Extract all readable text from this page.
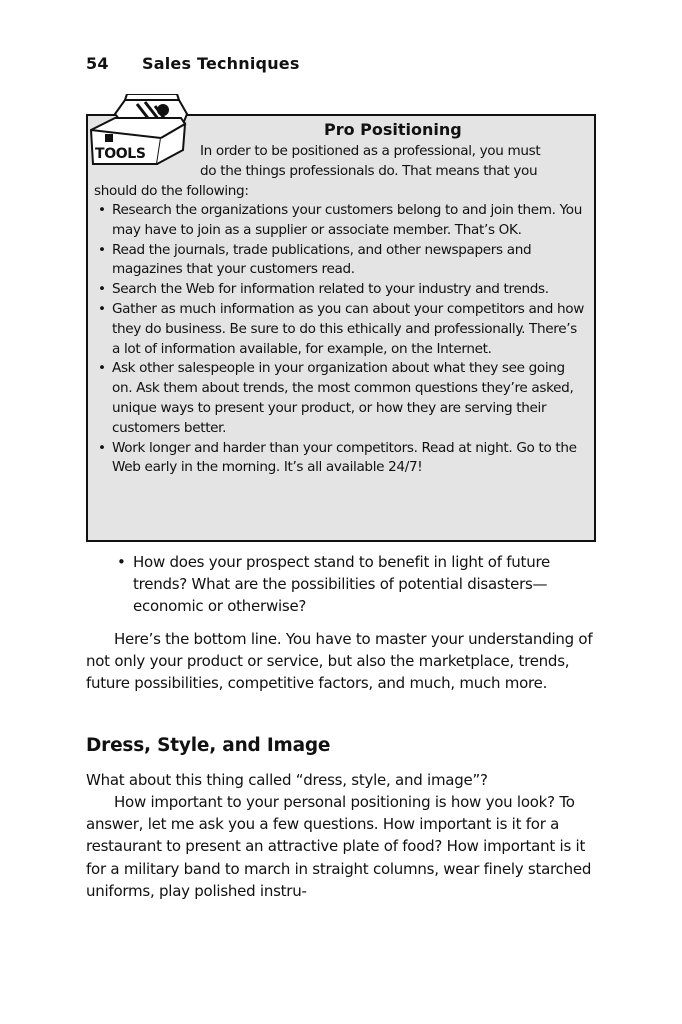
54 Sales Techniques
TOOLS
Pro Positioning
In order to be positioned as a professional, you must
do the things professionals do. That means that you
should do the following:
• Research the organizations your customers belong to and join them. You may have to join as a supplier or associate member. That’s OK.
• Read the journals, trade publications, and other newspapers and magazines that your customers read.
• Search the Web for information related to your industry and trends.
• Gather as much information as you can about your competitors and how they do business. Be sure to do this ethically and professionally. There’s a lot of information available, for example, on the Internet.
• Ask other salespeople in your organization about what they see going on. Ask them about trends, the most common questions they’re asked, unique ways to present your product, or how they are serving their customers better.
• Work longer and harder than your competitors. Read at night. Go to the Web early in the morning. It’s all available 24/7!
• How does your prospect stand to benefit in light of future trends? What are the possibilities of potential disasters—economic or otherwise?

Here’s the bottom line. You have to master your understanding of not only your product or service, but also the marketplace, trends, future possibilities, competitive factors, and much, much more.

Dress, Style, and Image

What about this thing called “dress, style, and image”?

How important to your personal positioning is how you look? To answer, let me ask you a few questions. How important is it for a restaurant to present an attractive plate of food? How important is it for a military band to march in straight columns, wear finely starched uniforms, play polished instru-
